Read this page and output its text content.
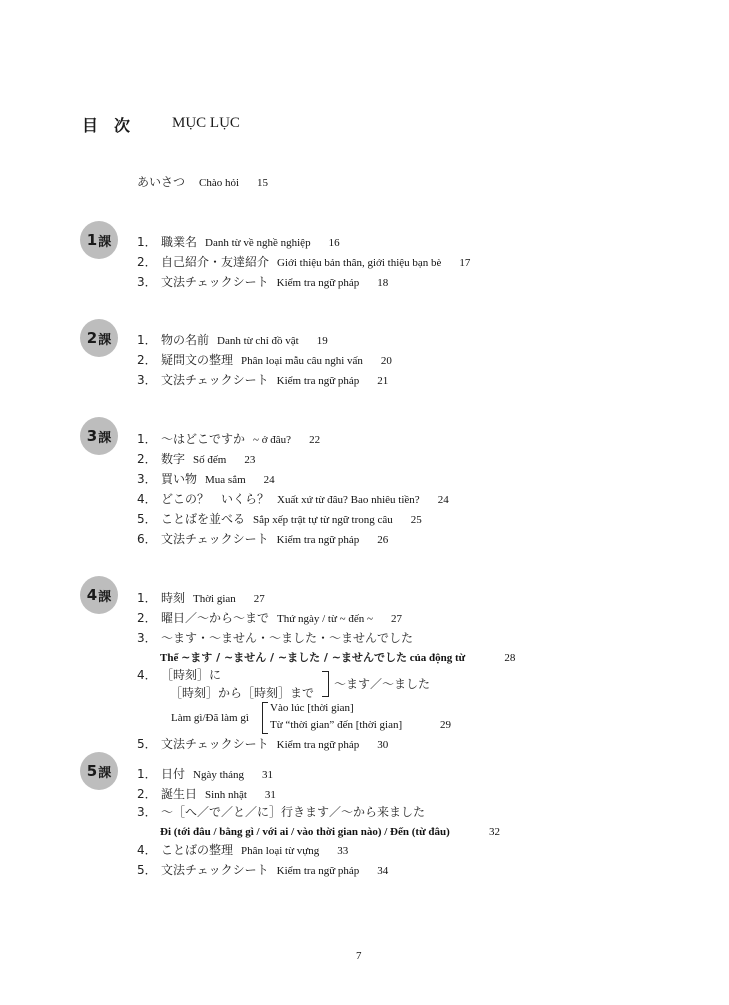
目　次	MỤC LỤC
あいさつ Chào hỏi 15
1 課 1． 職業名 Danh từ về nghề nghiệp 16
2． 自己紹介・友達紹介 Giới thiệu bản thân, giới thiệu bạn bè 17
3． 文法チェックシート Kiểm tra ngữ pháp 18
2 課 1． 物の名前 Danh từ chỉ đồ vật 19
2． 疑問文の整理 Phân loại mẫu câu nghi vấn 20
3． 文法チェックシート Kiểm tra ngữ pháp 21
3 課 1． 〜はどこですか ~ ở đâu? 22
2． 数字 Số đếm 23
3． 買い物 Mua sắm 24
4． どこの？　いくら？ Xuất xứ từ đâu? Bao nhiêu tiền? 24
5． ことばを並べる Sắp xếp trật tự từ ngữ trong câu 25
6． 文法チェックシート Kiểm tra ngữ pháp 26
4 課 1． 時刻 Thời gian 27
2． 曜日／〜から〜まで Thứ ngày / từ ~ đến ~ 27
3． 〜ます・〜ません・〜ました・〜ませんでした
Thể ~ます / ~ません / ~ました / ~ませんでした của động từ	28
4． ［時刻］に
［時刻］から［時刻］まで
〜ます／〜ました
Làm gì/Đã làm gì
Vào lúc [thời gian]
Từ “thời gian” đến [thời gian]	29
5． 文法チェックシート Kiểm tra ngữ pháp 30
5 課 1． 日付 Ngày tháng 31
2． 誕生日 Sinh nhật 31
3． 〜［へ／で／と／に］行きます／〜から来ました
Đi (tới đâu / bằng gì / với ai / vào thời gian nào) / Đến (từ đâu)	32
4． ことばの整理 Phân loại từ vựng 33
5． 文法チェックシート Kiểm tra ngữ pháp 34
7
